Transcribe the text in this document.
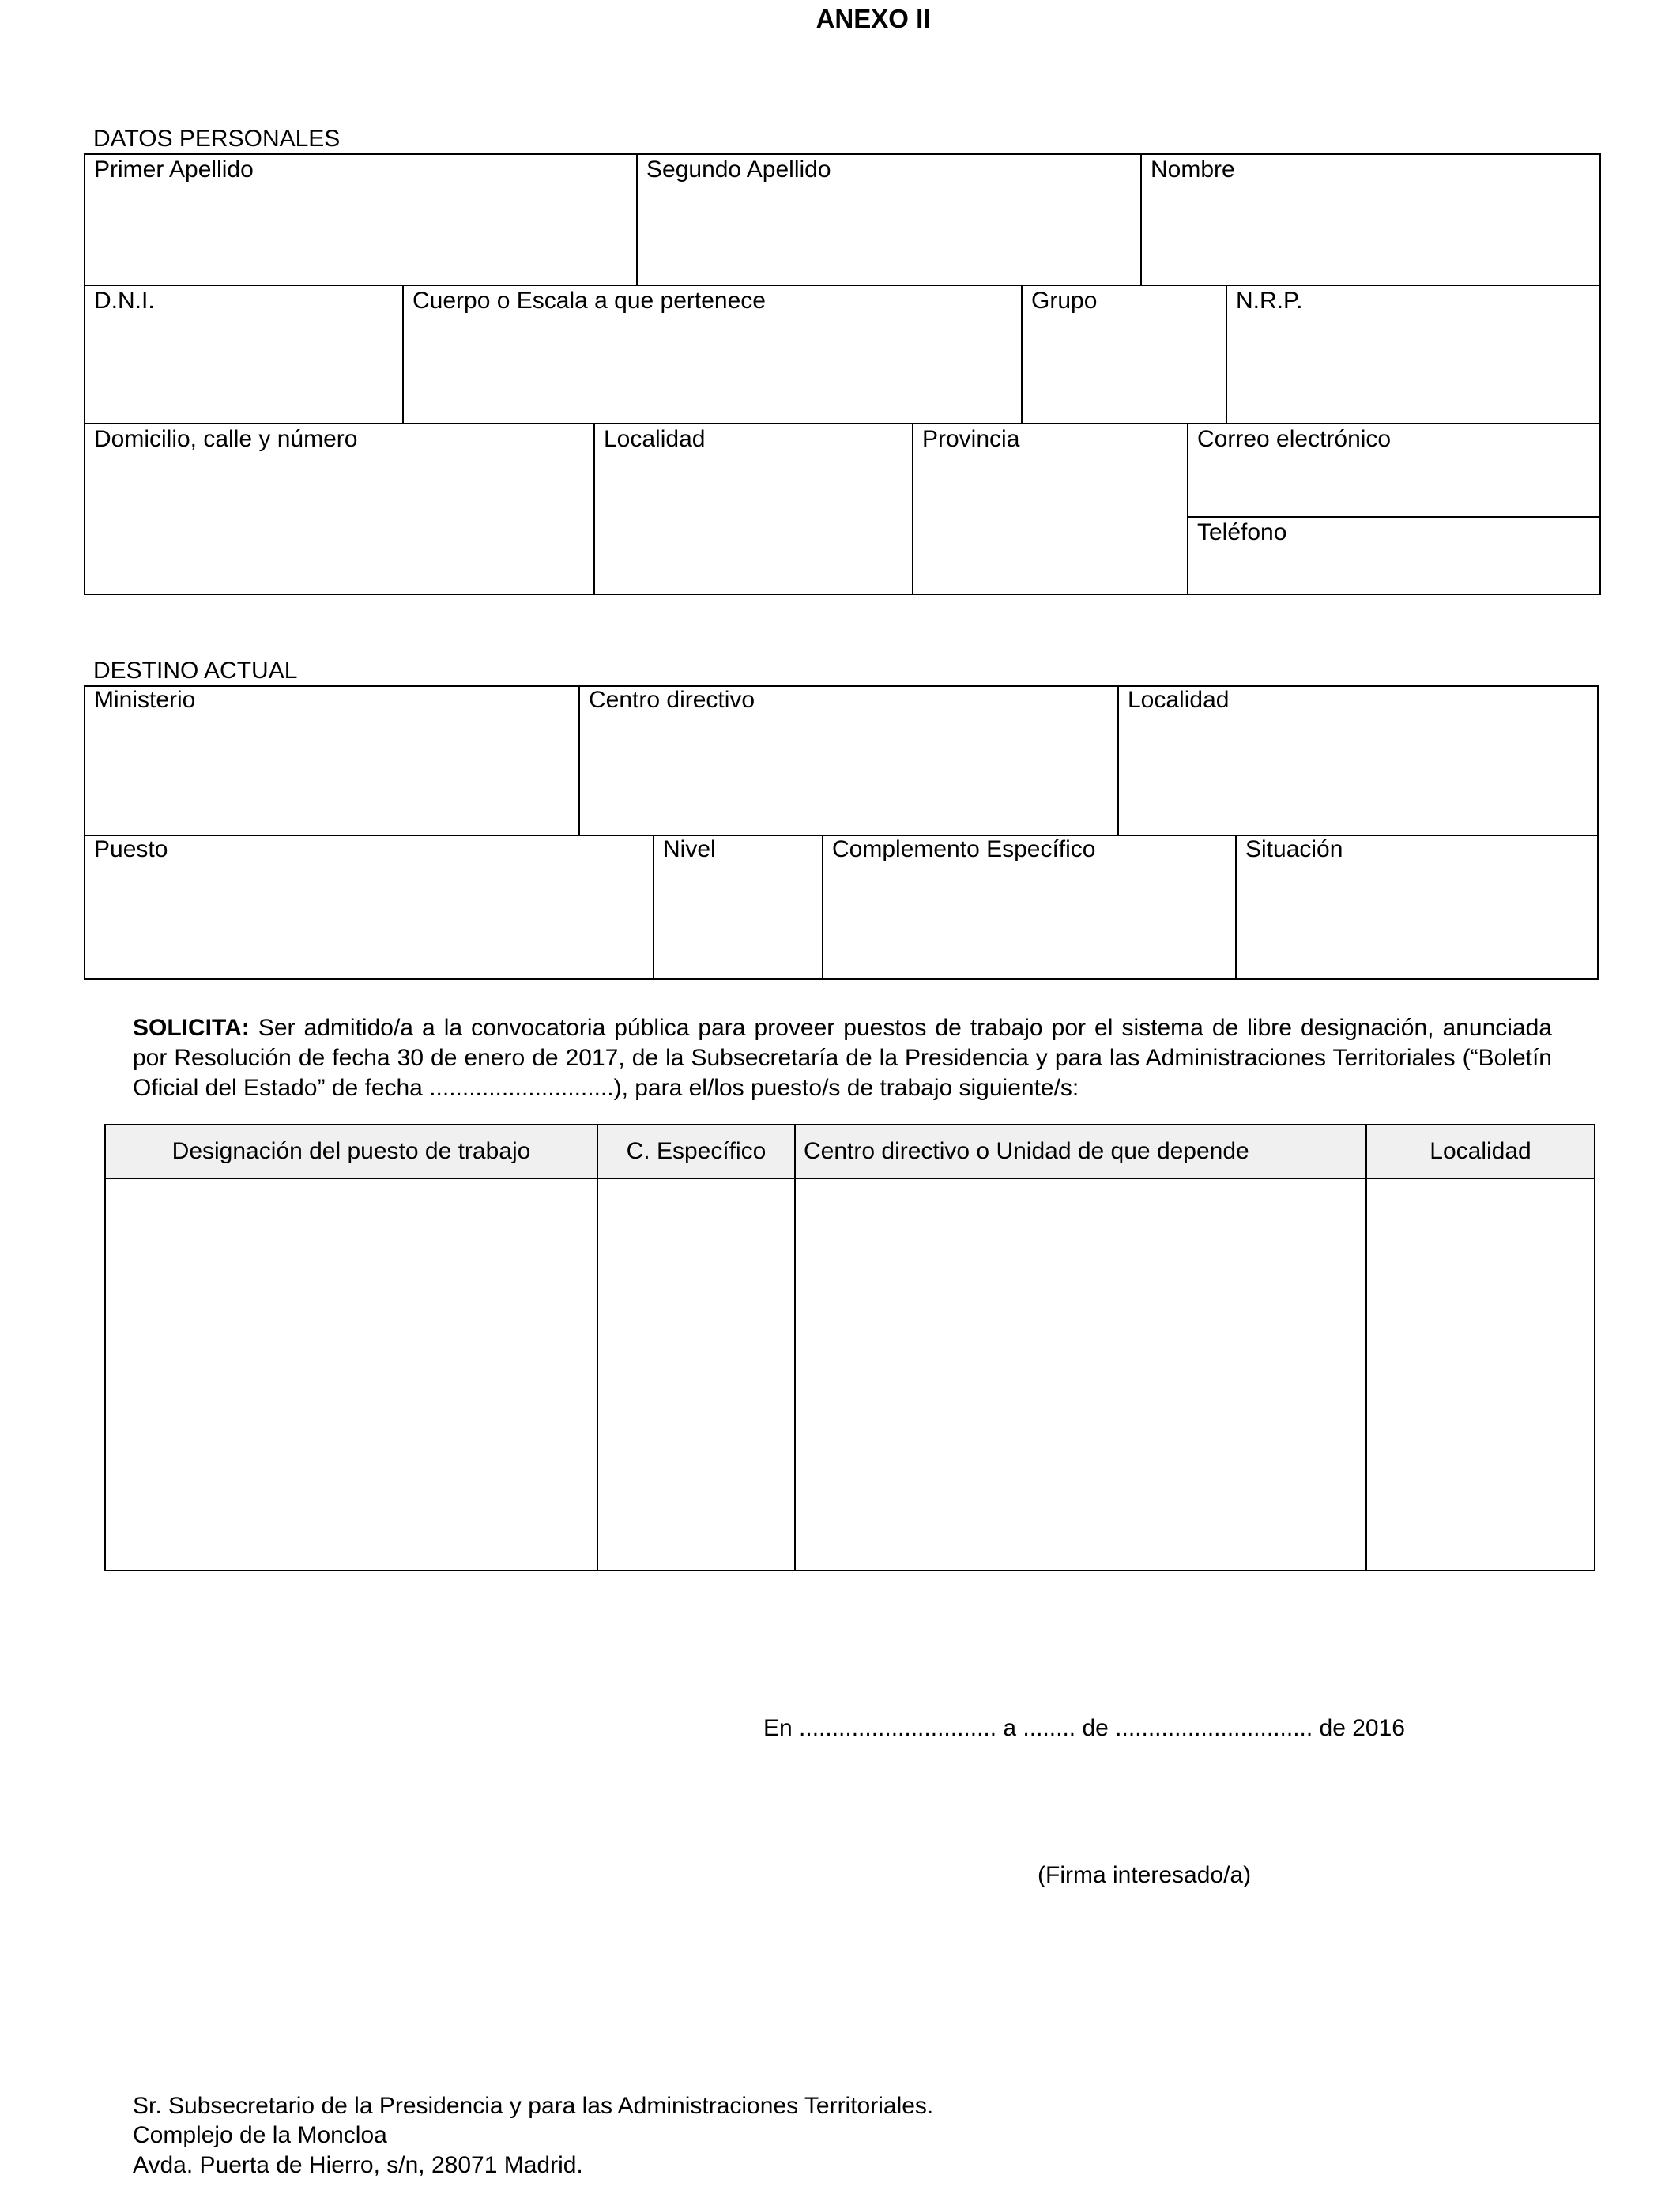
ANEXO II
DATOS PERSONALES
Primer Apellido	Segundo Apellido	Nombre
D.N.I.	Cuerpo o Escala a que pertenece	Grupo	N.R.P.
Domicilio, calle y número	Localidad	Provincia	Correo electrónico
Teléfono
DESTINO ACTUAL
Ministerio	Centro directivo	Localidad
Puesto	Nivel	Complemento Específico	Situación
SOLICITA: Ser admitido/a a la convocatoria pública para proveer puestos de trabajo por el sistema de libre designación, anunciada por Resolución de fecha 30 de enero de 2017, de la Subsecretaría de la Presidencia y para las Administraciones Territoriales (“Boletín Oficial del Estado” de fecha ............................), para el/los puesto/s de trabajo siguiente/s:
Designación del puesto de trabajo	C. Específico	Centro directivo o Unidad de que depende	Localidad
En .............................. a ........ de .............................. de 2016
(Firma interesado/a)
Sr. Subsecretario de la Presidencia y para las Administraciones Territoriales.
Complejo de la Moncloa
Avda. Puerta de Hierro, s/n, 28071 Madrid.
